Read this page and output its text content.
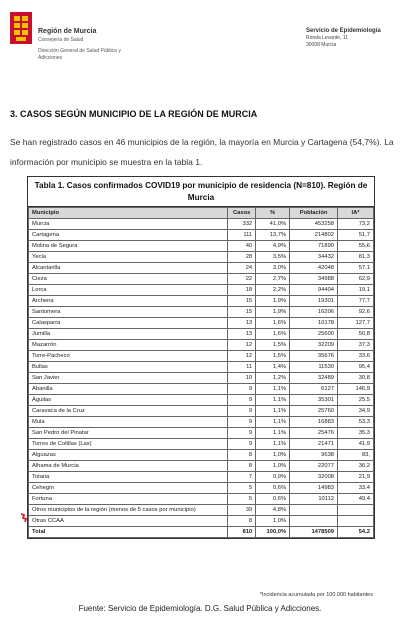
Región de Murcia
Consejería de Salud
Dirección General de Salud Pública y Adicciones
Servicio de Epidemiología
Ronda Levante, 11
30008 Murcia
3. CASOS SEGÚN MUNICIPIO DE LA REGIÓN DE MURCIA
Se han registrado casos en 46 municipios de la región, la mayoría en Murcia y Cartagena (54,7%). La información por municipio se muestra en la tabla 1.
Tabla 1. Casos confirmados COVID19 por municipio de residencia (N=810). Región de Murcia
Municipio	Casos	%	Población	IA*
Murcia	332	41,0%	453258	73,2
Cartagena	111	13,7%	214802	51,7
Molina de Segura	40	4,9%	71890	55,6
Yecla	28	3,5%	34432	81,3
Alcantarilla	24	3,0%	42048	57,1
Cieza	22	2,7%	34988	62,9
Lorca	18	2,2%	94404	19,1
Archena	15	1,9%	19301	77,7
Santomera	15	1,9%	16206	92,6
Calasparra	13	1,6%	10178	127,7
Jumilla	13	1,6%	25600	50,8
Mazarrón	12	1,5%	32209	37,3
Torre-Pacheco	12	1,5%	35676	33,6
Bullas	11	1,4%	11530	95,4
San Javier	10	1,2%	32489	30,8
Abanilla	9	1,1%	6127	146,9
Águilas	9	1,1%	35301	25,5
Caravaca de la Cruz	9	1,1%	25760	34,9
Mula	9	1,1%	16883	53,3
San Pedro del Pinatar	9	1,1%	25476	35,3
Torres de Cotillas (Las)	9	1,1%	21471	41,9
Alguazas	8	1,0%	9638	83,
Alhama de Murcia	8	1,0%	22077	36,2
Totana	7	0,9%	32008	21,9
Cehegín	5	0,6%	14983	33,4
Fortuna	5	0,6%	10112	49,4
Otros municipios de la región (menos de 5 casos por municipio)	39	4,8%		
Otras CCAA	8	1,0%		
Total	810	100,0%	1478509	54,2
*Incidencia acumulada por 100.000 habitantes
Fuente: Servicio de Epidemiología. D.G. Salud Pública y Adicciones.
